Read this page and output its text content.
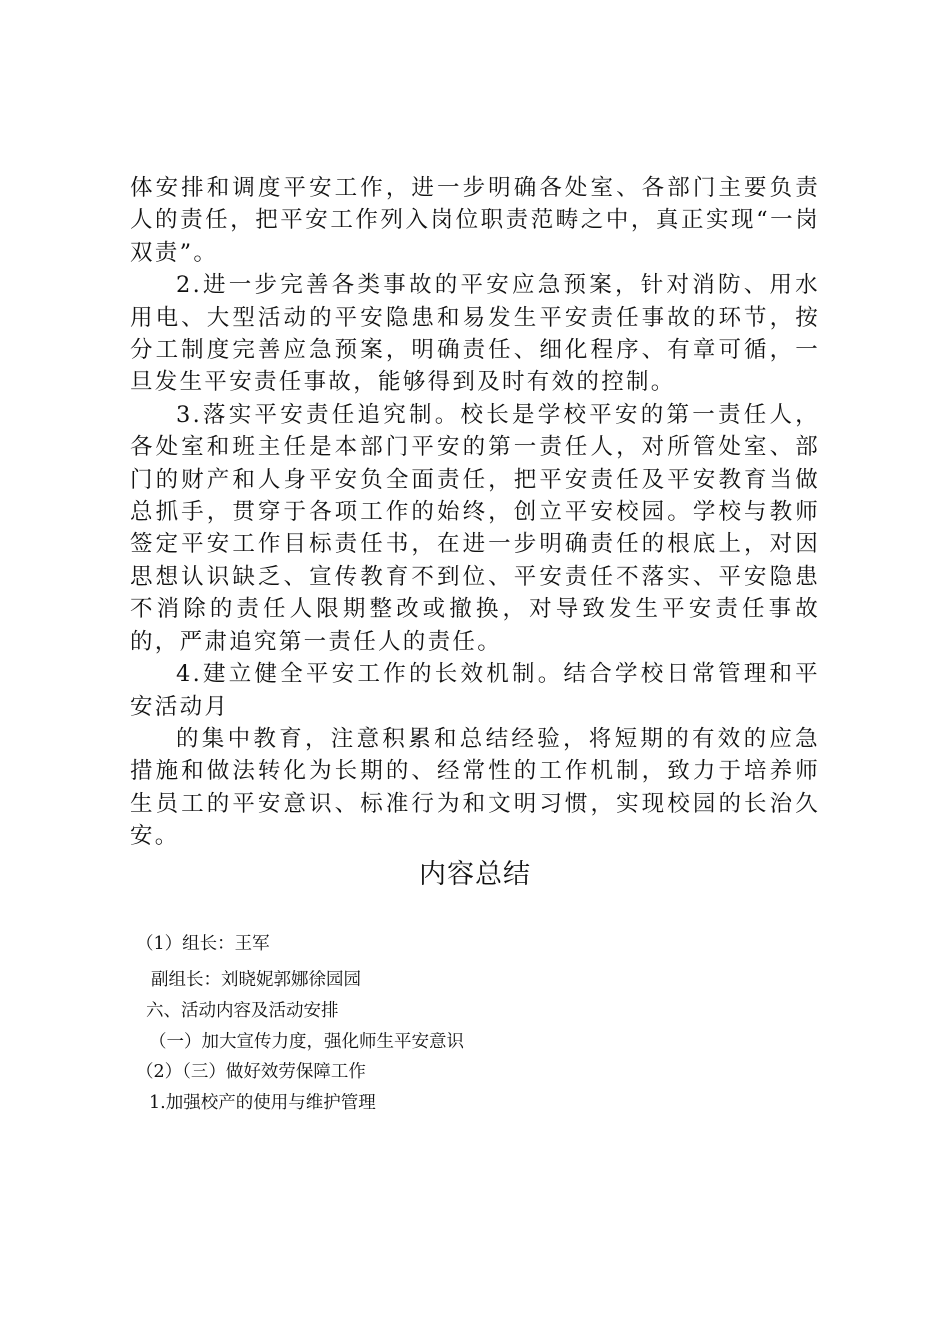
体安排和调度平安工作，进一步明确各处室、各部门主要负责人的责任，把平安工作列入岗位职责范畴之中，真正实现“一岗双责”。

2.进一步完善各类事故的平安应急预案，针对消防、用水用电、大型活动的平安隐患和易发生平安责任事故的环节，按分工制度完善应急预案，明确责任、细化程序、有章可循，一旦发生平安责任事故，能够得到及时有效的控制。

3.落实平安责任追究制。校长是学校平安的第一责任人，各处室和班主任是本部门平安的第一责任人，对所管处室、部门的财产和人身平安负全面责任，把平安责任及平安教育当做总抓手，贯穿于各项工作的始终，创立平安校园。学校与教师签定平安工作目标责任书，在进一步明确责任的根底上，对因思想认识缺乏、宣传教育不到位、平安责任不落实、平安隐患不消除的责任人限期整改或撤换，对导致发生平安责任事故的，严肃追究第一责任人的责任。

4.建立健全平安工作的长效机制。结合学校日常管理和平安活动月

的集中教育，注意积累和总结经验，将短期的有效的应急措施和做法转化为长期的、经常性的工作机制，致力于培养师生员工的平安意识、标准行为和文明习惯，实现校园的长治久安。

内容总结
（1）组长：王军
副组长：刘晓妮郭娜徐园园
六、活动内容及活动安排
（一）加大宣传力度，强化师生平安意识
（2）（三）做好效劳保障工作
1.加强校产的使用与维护管理
